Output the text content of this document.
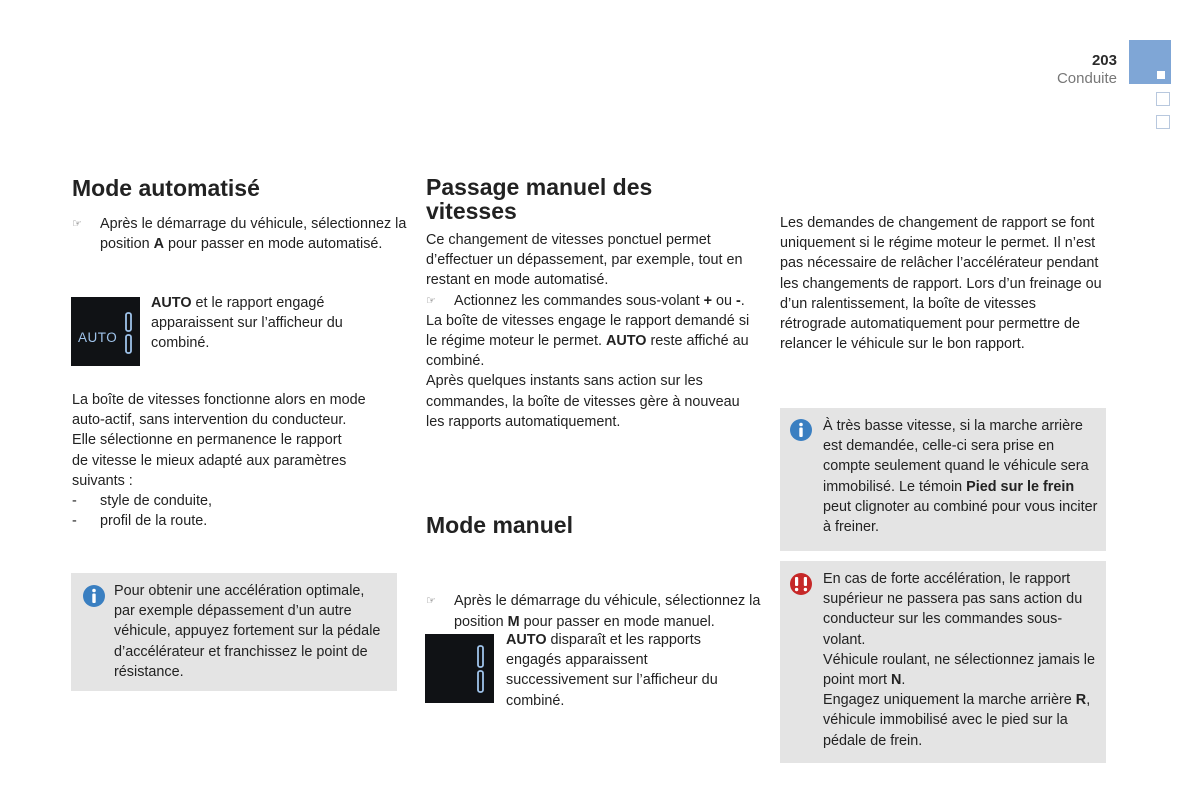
203
Conduite
Mode automatisé
☞ Après le démarrage du véhicule, sélectionnez la position A pour passer en mode automatisé.
AUTO
AUTO et le rapport engagé apparaissent sur l’afficheur du combiné.

La boîte de vitesses fonctionne alors en mode

auto-actif, sans intervention du conducteur.

Elle sélectionne en permanence le rapport

de vitesse le mieux adapté aux paramètres

suivants :

- style de conduite,
- profil de la route.
Pour obtenir une accélération optimale, par exemple dépassement d’un autre véhicule, appuyez fortement sur la pédale d’accélérateur et franchissez le point de résistance.
Passage manuel des
vitesses

Ce changement de vitesses ponctuel permet d’effectuer un dépassement, par exemple, tout en restant en mode automatisé.

☞ Actionnez les commandes sous-volant + ou -.

La boîte de vitesses engage le rapport demandé si le régime moteur le permet. AUTO reste affiché au combiné.

Après quelques instants sans action sur les commandes, la boîte de vitesses gère à nouveau les rapports automatiquement.

Mode manuel
☞ Après le démarrage du véhicule, sélectionnez la position M pour passer en mode manuel.
AUTO disparaît et les rapports engagés apparaissent successivement sur l’afficheur du combiné.
Les demandes de changement de rapport se font uniquement si le régime moteur le permet. Il n’est pas nécessaire de relâcher l’accélérateur pendant les changements de rapport. Lors d’un freinage ou d’un ralentissement, la boîte de vitesses rétrograde automatiquement pour permettre de relancer le véhicule sur le bon rapport.
À très basse vitesse, si la marche arrière est demandée, celle-ci sera prise en compte seulement quand le véhicule sera immobilisé. Le témoin Pied sur le frein peut clignoter au combiné pour vous inciter à freiner.

En cas de forte accélération, le rapport supérieur ne passera pas sans action du conducteur sur les commandes sous-volant.

Véhicule roulant, ne sélectionnez jamais le point mort N.

Engagez uniquement la marche arrière R, véhicule immobilisé avec le pied sur la pédale de frein.
